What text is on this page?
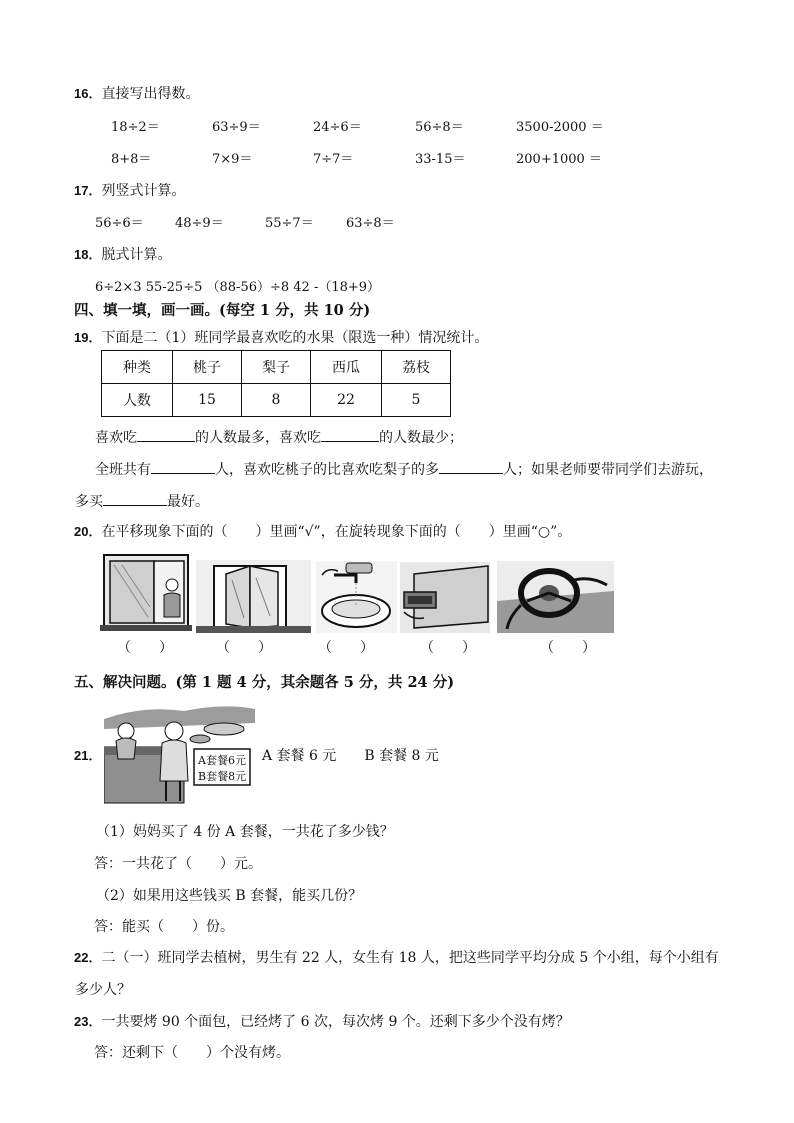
16．直接写出得数。
18÷2＝	63÷9＝	24÷6＝	56÷8＝	3500-2000 ＝
8+8＝	7×9＝	7÷7＝	33-15＝	200+1000 ＝
17．列竖式计算。
56÷6＝ 48÷9＝	55÷7＝ 63÷8＝
18．脱式计算。
6÷2×3 55-25÷5 （88-56）÷8 42 -（18+9）
四、填一填，画一画。(每空 1 分，共 10 分)
19．下面是二（1）班同学最喜欢吃的水果（限选一种）情况统计。
种类	桃子	梨子	西瓜	荔枝
人数	15	8	22	5
喜欢吃	的人数最多，喜欢吃	的人数最少；
全班共有	人，喜欢吃桃子的比喜欢吃梨子的多	人；如果老师要带同学们去游玩，
多买	最好。
20．在平移现象下面的（　　）里画“√”，在旋转现象下面的（　　）里画“○”。
（　　）	（　　）	（　　）	（　　）	（　　）
五、解决问题。(第 1 题 4 分，其余题各 5 分，共 24 分)
21．	A套餐6元
B套餐8元
A 套餐 6 元　　B 套餐 8 元
（1）妈妈买了 4 份 A 套餐，一共花了多少钱？
答：一共花了（　　）元。
（2）如果用这些钱买 B 套餐，能买几份？
答：能买（　　）份。
22．二（一）班同学去植树，男生有 22 人，女生有 18 人，把这些同学平均分成 5 个小组，每个小组有
多少人？
23．一共要烤 90 个面包，已经烤了 6 次，每次烤 9 个。还剩下多少个没有烤？
答：还剩下（　　）个没有烤。
